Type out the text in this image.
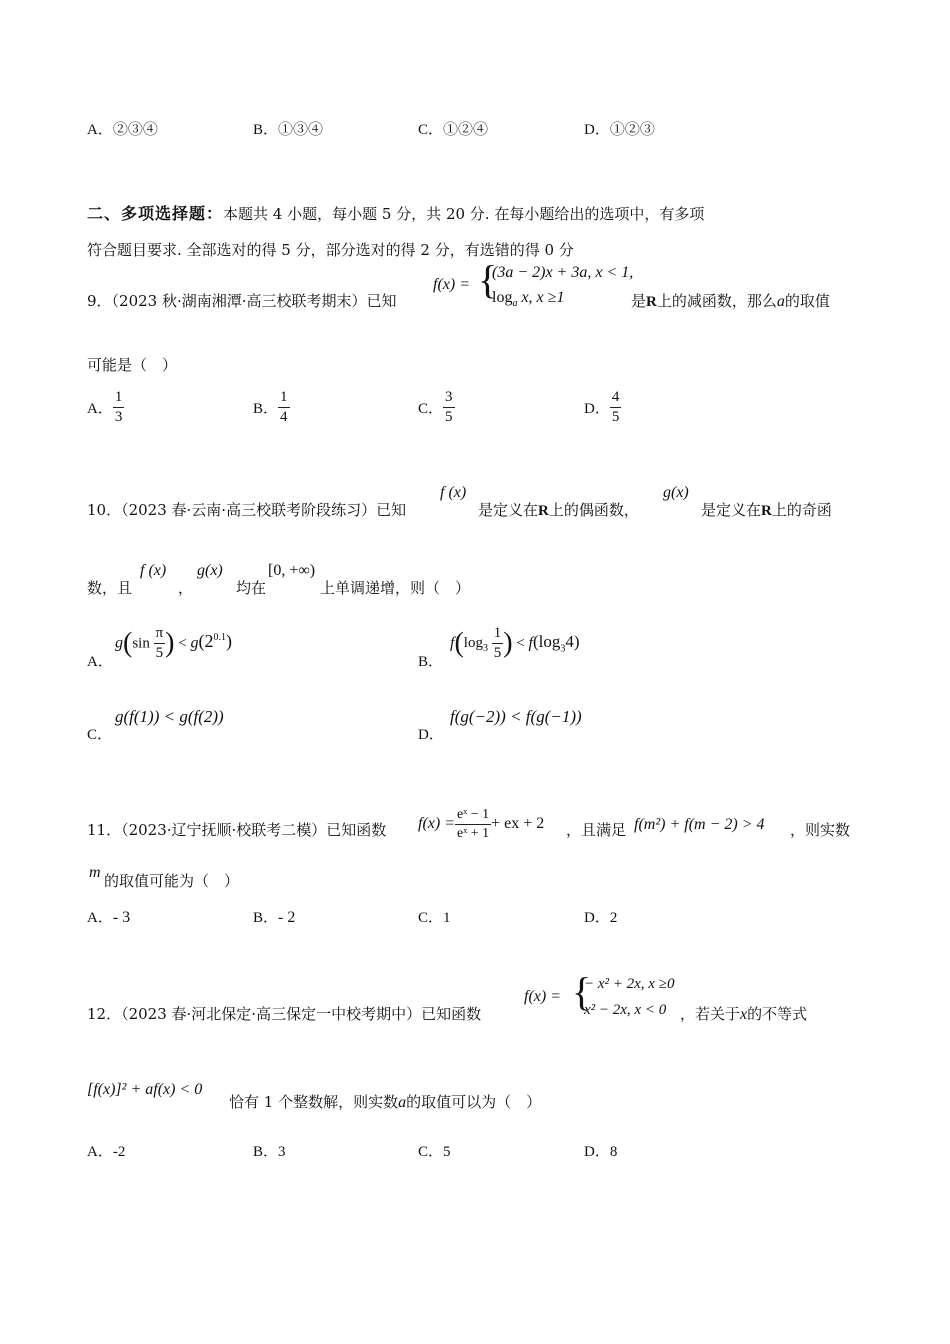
A．②③④	B．①③④	C．①②④	D．①②③
二、多项选择题：本题共 4 小题，每小题 5 分，共 20 分. 在每小题给出的选项中，有多项
符合题目要求. 全部选对的得 5 分，部分选对的得 2 分，有选错的得 0 分
9．（2023 秋·湖南湘潭·高三校联考期末）已知
f(x) = {
(3a − 2)x + 3a, x < 1,
$\log_a x$, x ≥1	是R上的减函数，那么a的取值
可能是（　）
A． $\frac{1}{3}$	B． $\frac{1}{4}$	C． $\frac{3}{5}$	D． $\frac{4}{5}$
10．（2023 春·云南·高三校联考阶段练习）已知
f (x)
是定义在R上的偶函数，
g(x)
是定义在R上的奇函
数，且
f (x)
，
g(x)
均在
[0, +∞)
上单调递增，则（　）
A．
$g(\sin \frac{\pi}{5}$ ) < $g(2^{0.1})$
B．
$f(\log_3 \frac{1}{5}$ ) < $f(\log_34)$
C．
g(f(1)) < g(f(2))
D．
f(g(−2)) < f(g(−1))
11．（2023·辽宁抚顺·校联考二模）已知函数 $f(x) = \frac{\text{eˣ − 1}}{\text{eˣ + 1}}$ + ex + 2 ，且满足 f(m²) + f(m − 2) > 4 ，则实数
m 的取值可能为（　）
A．- 3	B．- 2	C．1	D．2
12．（2023 春·河北保定·高三保定一中校考期中）已知函数
f(x) = {
− x² + 2x, x ≥0
x² − 2x, x < 0 ，若关于x的不等式
[f(x)]² + af(x) < 0
恰有 1 个整数解，则实数a的取值可以为（　）
A．-2	B．3	C．5	D．8
